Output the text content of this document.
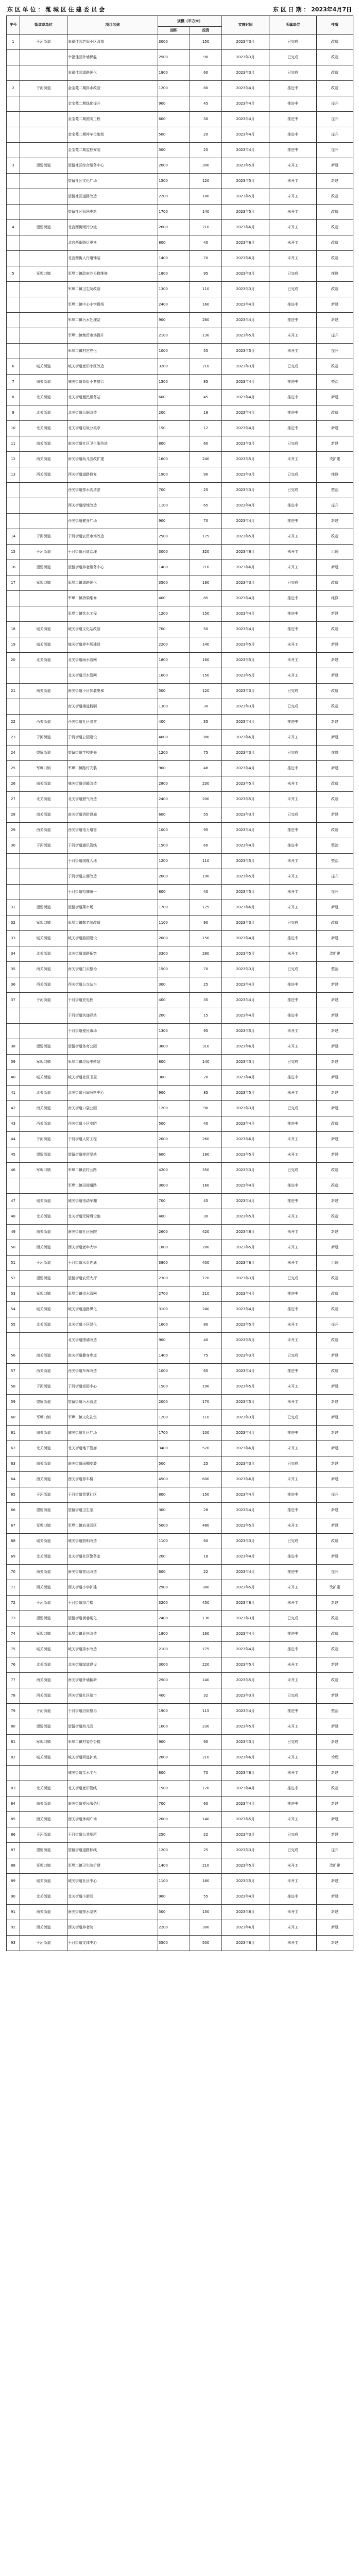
东 区 单 位 ： 潍 城 区 住 建 委 员 会	东 区 日 期 ： 2023年4月7日
序号	街道或单位	项目名称	规模（平方米）		实施时间	所属单位	性质
			面积	投资			
1	于河街道	幸福佳园老旧小区改造	3000	150	2023年3月	已完成	改造
		幸福佳园外墙保温	2500	90	2023年3月	已完成	改造
		幸福佳园道路硬化	1800	60	2023年3月	已完成	改造
2	于河街道	金宝苑二期排水改造	1200	80	2023年4月	推进中	改造
		金宝苑二期绿化提升	900	45	2023年4月	推进中	提升
		金宝苑二期照明工程	600	30	2023年4月	推进中	提升
		金宝苑二期停车位施划	500	20	2023年4月	推进中	提升
		金宝苑二期监控安装	300	25	2023年4月	推进中	提升
3	望留街道	望留社区综合服务中心	2000	300	2023年5月	未开工	新建
		望留社区文化广场	1500	120	2023年5月	未开工	新建
		望留社区道路改造	2200	180	2023年5月	未开工	改造
		望留社区管网更新	1700	140	2023年5月	未开工	改造
4	望留街道	北宫西街雨污分流	2600	210	2023年6月	未开工	改造
		北宫西街路灯更换	800	40	2023年6月	未开工	改造
		北宫西街人行道铺装	1400	70	2023年6月	未开工	改造
5	军埠口镇	军埠口镇政府办公楼维修	1800	95	2023年3月	已完成	维修
		军埠口镇卫生院改造	1300	110	2023年3月	已完成	改造
		军埠口镇中心小学操场	2400	160	2023年4月	推进中	新建
		军埠口镇污水处理站	900	260	2023年4月	推进中	新建
		军埠口镇集贸市场提升	2100	130	2023年5月	未开工	提升
		军埠口镇村庄亮化	1000	55	2023年5月	未开工	提升
6	城关街道	城关街道老旧小区改造	3200	210	2023年3月	已完成	改造
7	城关街道	城关街道背街小巷整治	1500	85	2023年4月	推进中	整治
8	北关街道	北关街道便民服务站	600	45	2023年4月	推进中	新建
9	北关街道	北关街道公厕改造	200	18	2023年4月	推进中	改造
10	北关街道	北关街道垃圾分类亭	150	12	2023年4月	推进中	新建
11	南关街道	南关街道社区卫生服务站	800	60	2023年3月	已完成	新建
12	南关街道	南关街道幼儿园改扩建	1600	240	2023年5月	未开工	改扩建
13	西关街道	西关街道道路修复	1900	90	2023年3月	已完成	维修
		西关街道排水沟清淤	700	25	2023年3月	已完成	整治
		西关街道绿地改造	1100	65	2023年4月	推进中	提升
		西关街道健身广场	900	70	2023年4月	推进中	新建
14	于河街道	于河街道农贸市场改造	2500	175	2023年5月	未开工	改造
15	于河街道	于河街道河道治理	3000	320	2023年6月	未开工	治理
16	望留街道	望留街道养老服务中心	1400	210	2023年6月	未开工	新建
17	军埠口镇	军埠口镇道路硬化	3500	190	2023年3月	已完成	改造
		军埠口镇桥梁维修	400	85	2023年4月	推进中	维修
		军埠口镇饮水工程	1200	150	2023年4月	推进中	新建
18	城关街道	城关街道文化站改造	700	50	2023年4月	推进中	改造
19	城关街道	城关街道停车场建设	2200	140	2023年5月	未开工	新建
20	北关街道	北关街道雨水管网	1800	160	2023年5月	未开工	新建
		北关街道污水管网	1600	150	2023年5月	未开工	新建
21	南关街道	南关街道小区加装电梯	500	120	2023年3月	已完成	改造
		南关街道楼道粉刷	1300	30	2023年3月	已完成	改造
22	西关街道	西关街道社区食堂	400	35	2023年4月	推进中	新建
23	于河街道	于河街道公园建设	4000	380	2023年6月	未开工	新建
24	望留街道	望留街道学校维修	1200	75	2023年3月	已完成	维修
25	军埠口镇	军埠口镇路灯安装	900	48	2023年4月	推进中	新建
26	城关街道	城关街道供暖改造	2800	230	2023年5月	未开工	改造
27	北关街道	北关街道燃气改造	2400	200	2023年5月	未开工	改造
28	南关街道	南关街道消防设施	600	55	2023年3月	已完成	新建
29	西关街道	西关街道电力增容	1000	95	2023年4月	推进中	改造
30	于河街道	于河街道通讯管线	1500	60	2023年4月	推进中	整治
		于河街道线缆入地	1200	110	2023年5月	未开工	整治
		于河街道立面改造	2600	190	2023年5月	未开工	提升
		于河街道招牌统一	800	40	2023年5月	未开工	提升
31	望留街道	望留街道菜市场	1700	125	2023年6月	未开工	新建
32	军埠口镇	军埠口镇敬老院改造	1100	90	2023年3月	已完成	改造
33	城关街道	城关街道游园建设	2000	150	2023年4月	推进中	新建
34	北关街道	北关街道道路拓宽	3300	280	2023年5月	未开工	改扩建
35	南关街道	南关街道门头整治	1500	70	2023年3月	已完成	整治
36	西关街道	西关街道公交站台	300	25	2023年4月	推进中	新建
37	于河街道	于河街道充电桩	400	35	2023年4月	推进中	新建
		于河街道快递驿站	200	15	2023年4月	推进中	新建
		于河街道便民市场	1300	95	2023年5月	未开工	新建
38	望留街道	望留街道体育公园	3600	310	2023年6月	未开工	新建
39	军埠口镇	军埠口镇垃圾中转站	800	140	2023年3月	已完成	新建
40	城关街道	城关街道社区书屋	300	20	2023年4月	推进中	新建
41	北关街道	北关街道日间照料中心	900	85	2023年5月	未开工	新建
42	南关街道	南关街道口袋公园	1200	90	2023年3月	已完成	新建
43	西关街道	西关街道小区安防	500	40	2023年4月	推进中	改造
44	于河街道	于河街道人防工程	2000	260	2023年6月	未开工	新建
45	望留街道	望留街道排涝泵站	600	180	2023年5月	未开工	新建
46	军埠口镇	军埠口镇农村公路	4200	350	2023年3月	已完成	改造
		军埠口镇田间道路	3000	160	2023年4月	推进中	改造
47	城关街道	城关街道电动车棚	700	45	2023年4月	推进中	新建
48	北关街道	北关街道无障碍设施	400	30	2023年5月	未开工	改造
49	南关街道	南关街道社区医院	2600	420	2023年6月	未开工	新建
50	西关街道	西关街道老年大学	1800	200	2023年5月	未开工	新建
51	于河街道	于河街道水系连通	3800	400	2023年6月	未开工	治理
52	望留街道	望留街道农贸大厅	2300	170	2023年3月	已完成	改造
53	军埠口镇	军埠口镇供水管网	2700	210	2023年4月	推进中	改造
54	城关街道	城关街道道路黑化	3100	240	2023年4月	推进中	改造
55	北关街道	北关街道小区绿化	1600	80	2023年5月	未开工	提升
		北关街道围墙改造	900	40	2023年5月	未开工	改造
56	南关街道	南关街道健身步道	1400	75	2023年3月	已完成	新建
57	西关街道	西关街道车库改造	1000	65	2023年4月	推进中	改造
58	于河街道	于河街道党群中心	1500	190	2023年5月	未开工	新建
59	望留街道	望留街道污水管道	2000	170	2023年5月	未开工	新建
60	军埠口镇	军埠口镇文化礼堂	1200	110	2023年3月	已完成	新建
61	城关街道	城关街道社区广场	1700	100	2023年4月	推进中	新建
62	北关街道	北关街道地下管廊	3400	520	2023年6月	未开工	新建
63	南关街道	南关街道雨棚安装	500	25	2023年3月	已完成	新建
64	西关街道	西关街道停车楼	4500	600	2023年6月	未开工	新建
65	于河街道	于河街道智慧社区	800	150	2023年4月	推进中	提升
66	望留街道	望留街道卫生室	300	28	2023年4月	推进中	新建
67	军埠口镇	军埠口镇农业园区	5000	480	2023年5月	未开工	新建
68	城关街道	城关街道照明改造	1100	60	2023年3月	已完成	改造
69	北关街道	北关街道社区警务室	200	18	2023年4月	推进中	新建
70	南关街道	南关街道花坛改造	600	22	2023年4月	推进中	提升
71	西关街道	西关街道小学扩建	2900	380	2023年5月	未开工	改扩建
72	于河街道	于河街道综合楼	3200	450	2023年6月	未开工	新建
73	望留街道	望留街道街巷硬化	2400	130	2023年3月	已完成	改造
74	军埠口镇	军埠口镇危房改造	1800	160	2023年4月	推进中	改造
75	城关街道	城关街道排水改造	2100	175	2023年4月	推进中	改造
76	北关街道	北关街道绿道建设	3000	220	2023年5月	未开工	新建
77	南关街道	南关街道外墙翻新	2500	140	2023年5月	未开工	改造
78	西关街道	西关街道社区超市	400	32	2023年3月	已完成	新建
79	于河街道	于河街道沿街整治	1900	115	2023年4月	推进中	整治
80	望留街道	望留街道幼儿园	1600	230	2023年5月	未开工	新建
81	军埠口镇	军埠口镇村委办公楼	900	90	2023年3月	已完成	新建
82	城关街道	城关街道河道护坡	2600	210	2023年6月	未开工	治理
		城关街道亲水平台	800	70	2023年6月	未开工	新建
83	北关街道	北关街道老旧管线	1500	120	2023年4月	推进中	改造
84	南关街道	南关街道便民服务厅	700	60	2023年4月	推进中	新建
85	西关街道	西关街道休闲广场	2000	140	2023年5月	未开工	新建
86	于河街道	于河街道公共厕所	250	22	2023年3月	已完成	新建
87	望留街道	望留街道道路标线	1200	25	2023年3月	已完成	提升
88	军埠口镇	军埠口镇卫生院扩建	1400	210	2023年5月	未开工	改扩建
89	城关街道	城关街道社区中心	1100	160	2023年5月	未开工	新建
90	北关街道	北关街道小游园	900	55	2023年4月	推进中	新建
91	南关街道	南关街道排水泵站	500	150	2023年6月	未开工	新建
92	西关街道	西关街道养老院	2200	300	2023年6月	未开工	新建
93	于河街道	于河街道文体中心	3500	500	2023年6月	未开工	新建
